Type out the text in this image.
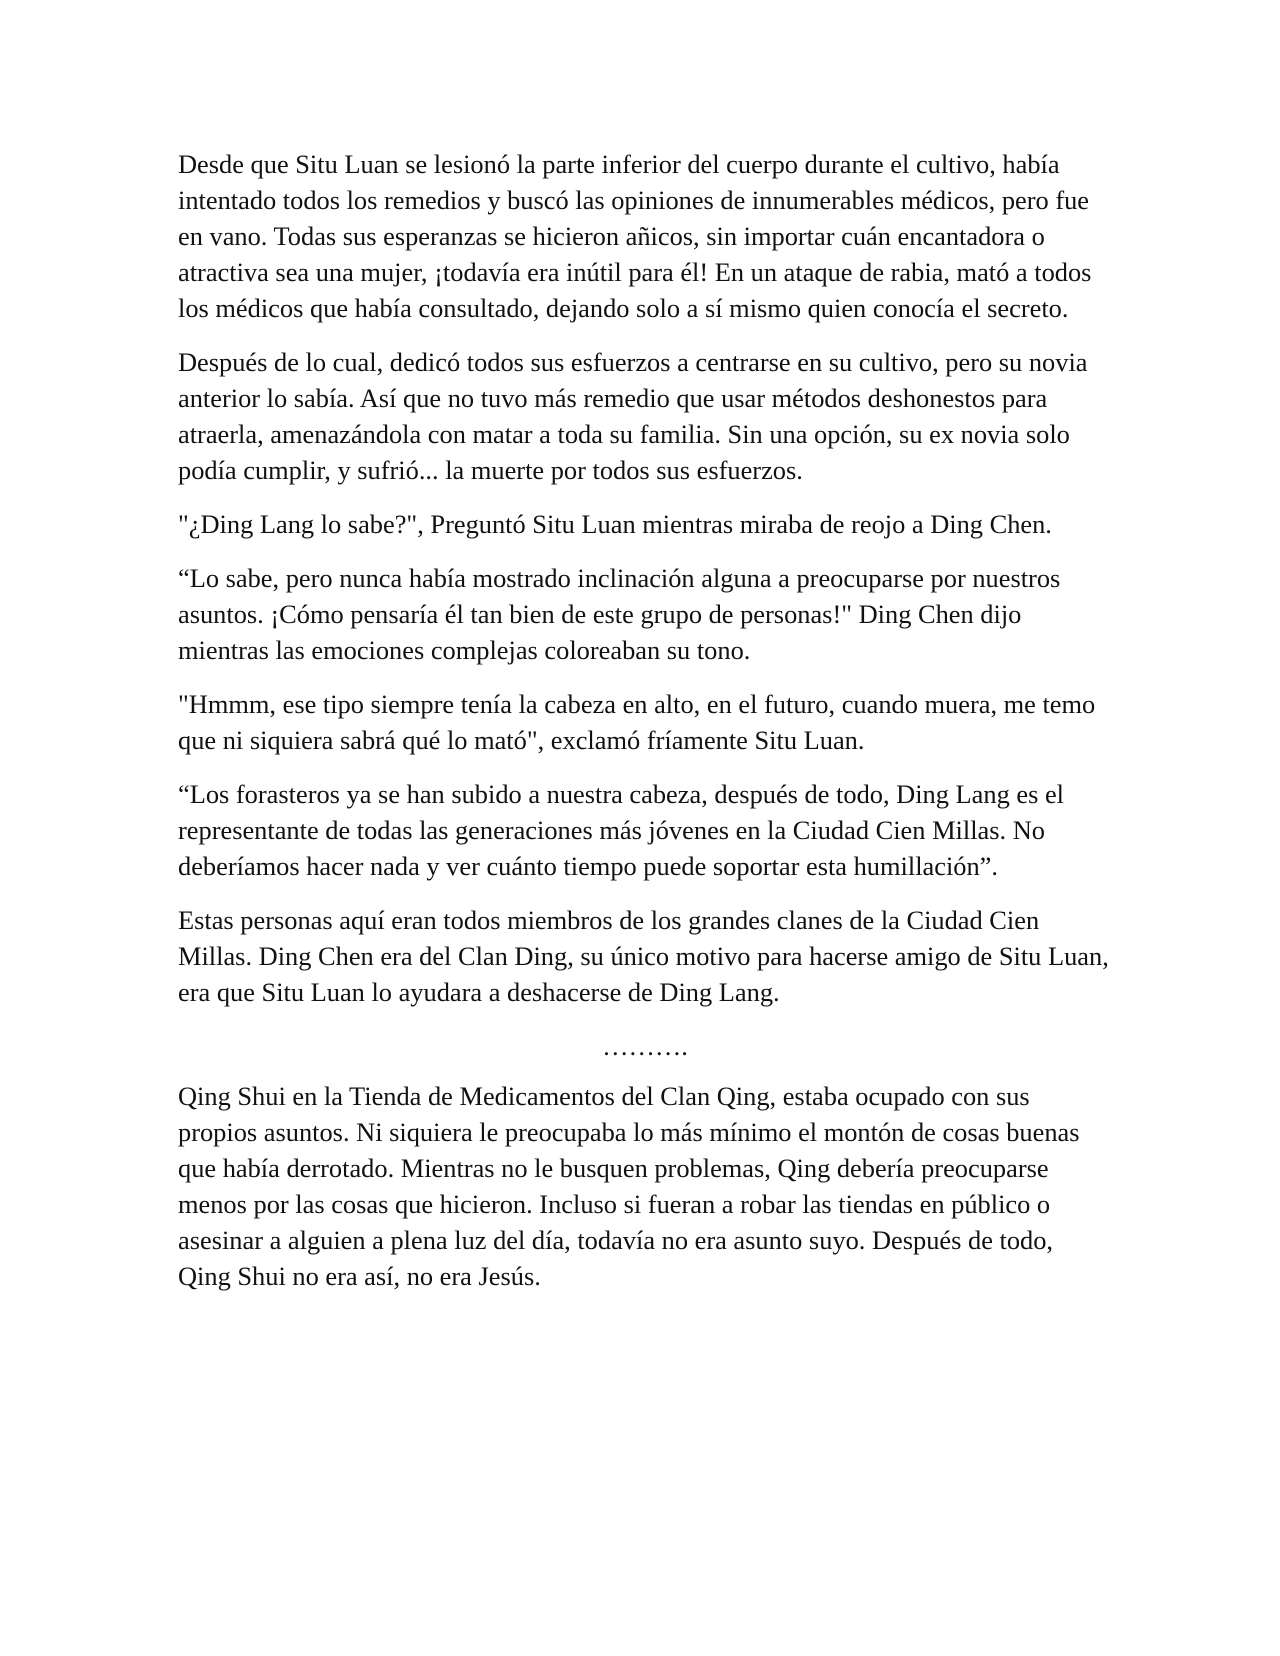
Desde que Situ Luan se lesionó la parte inferior del cuerpo durante el cultivo, había intentado todos los remedios y buscó las opiniones de innumerables médicos, pero fue en vano. Todas sus esperanzas se hicieron añicos, sin importar cuán encantadora o atractiva sea una mujer, ¡todavía era inútil para él! En un ataque de rabia, mató a todos los médicos que había consultado, dejando solo a sí mismo quien conocía el secreto.

Después de lo cual, dedicó todos sus esfuerzos a centrarse en su cultivo, pero su novia anterior lo sabía. Así que no tuvo más remedio que usar métodos deshonestos para atraerla, amenazándola con matar a toda su familia. Sin una opción, su ex novia solo podía cumplir, y sufrió... la muerte por todos sus esfuerzos.

"¿Ding Lang lo sabe?", Preguntó Situ Luan mientras miraba de reojo a Ding Chen.

“Lo sabe, pero nunca había mostrado inclinación alguna a preocuparse por nuestros asuntos. ¡Cómo pensaría él tan bien de este grupo de personas!" Ding Chen dijo mientras las emociones complejas coloreaban su tono.

"Hmmm, ese tipo siempre tenía la cabeza en alto, en el futuro, cuando muera, me temo que ni siquiera sabrá qué lo mató", exclamó fríamente Situ Luan.

“Los forasteros ya se han subido a nuestra cabeza, después de todo, Ding Lang es el representante de todas las generaciones más jóvenes en la Ciudad Cien Millas. No deberíamos hacer nada y ver cuánto tiempo puede soportar esta humillación”.

Estas personas aquí eran todos miembros de los grandes clanes de la Ciudad Cien Millas. Ding Chen era del Clan Ding, su único motivo para hacerse amigo de Situ Luan, era que Situ Luan lo ayudara a deshacerse de Ding Lang.

……….

Qing Shui en la Tienda de Medicamentos del Clan Qing, estaba ocupado con sus propios asuntos. Ni siquiera le preocupaba lo más mínimo el montón de cosas buenas que había derrotado. Mientras no le busquen problemas, Qing debería preocuparse menos por las cosas que hicieron. Incluso si fueran a robar las tiendas en público o asesinar a alguien a plena luz del día, todavía no era asunto suyo. Después de todo, Qing Shui no era así, no era Jesús.
